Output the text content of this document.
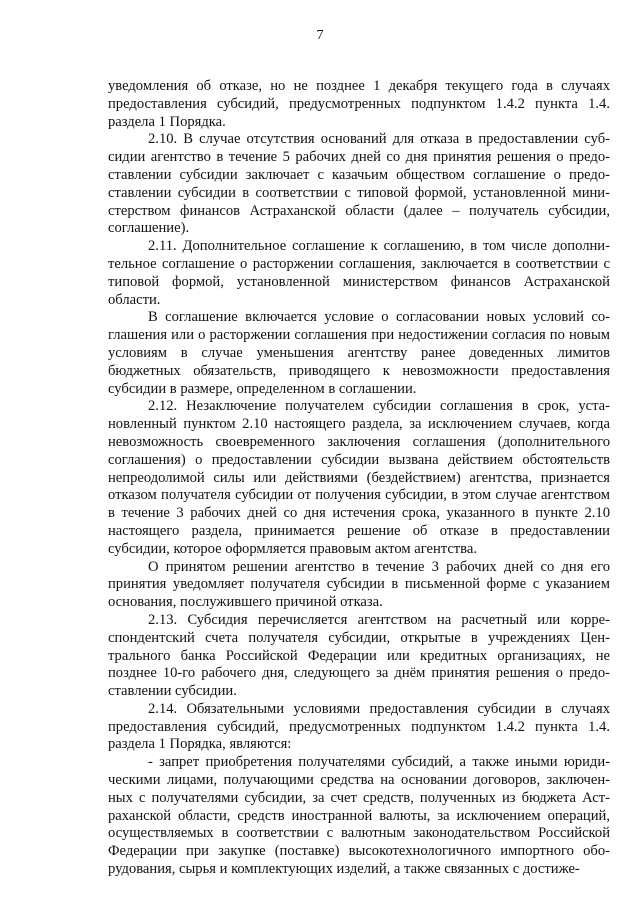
7

уведомления об отказе, но не позднее 1 декабря текущего года в случаях предоставления субсидий, предусмотренных подпунктом 1.4.2 пункта 1.4. раздела 1 Порядка.

2.10. В случае отсутствия оснований для отказа в предоставлении субсидии агентство в течение 5 рабочих дней со дня принятия решения о предоставлении субсидии заключает с казачьим обществом соглашение о предоставлении субсидии в соответствии с типовой формой, установленной министерством финансов Астраханской области (далее – получатель субсидии, соглашение).

2.11. Дополнительное соглашение к соглашению, в том числе дополнительное соглашение о расторжении соглашения, заключается в соответствии с типовой формой, установленной министерством финансов Астраханской области.

В соглашение включается условие о согласовании новых условий соглашения или о расторжении соглашения при недостижении согласия по новым условиям в случае уменьшения агентству ранее доведенных лимитов бюджетных обязательств, приводящего к невозможности предоставления субсидии в размере, определенном в соглашении.

2.12. Незаключение получателем субсидии соглашения в срок, установленный пунктом 2.10 настоящего раздела, за исключением случаев, когда невозможность своевременного заключения соглашения (дополнительного соглашения) о предоставлении субсидии вызвана действием обстоятельств непреодолимой силы или действиями (бездействием) агентства, признается отказом получателя субсидии от получения субсидии, в этом случае агентством в течение 3 рабочих дней со дня истечения срока, указанного в пункте 2.10 настоящего раздела, принимается решение об отказе в предоставлении субсидии, которое оформляется правовым актом агентства.

О принятом решении агентство в течение 3 рабочих дней со дня его принятия уведомляет получателя субсидии в письменной форме с указанием основания, послужившего причиной отказа.

2.13. Субсидия перечисляется агентством на расчетный или корреспондентский счета получателя субсидии, открытые в учреждениях Центрального банка Российской Федерации или кредитных организациях, не позднее 10-го рабочего дня, следующего за днём принятия решения о предоставлении субсидии.

2.14. Обязательными условиями предоставления субсидии в случаях предоставления субсидий, предусмотренных подпунктом 1.4.2 пункта 1.4. раздела 1 Порядка, являются:

- запрет приобретения получателями субсидий, а также иными юридическими лицами, получающими средства на основании договоров, заключенных с получателями субсидии, за счет средств, полученных из бюджета Астраханской области, средств иностранной валюты, за исключением операций, осуществляемых в соответствии с валютным законодательством Российской Федерации при закупке (поставке) высокотехнологичного импортного оборудования, сырья и комплектующих изделий, а также связанных с достиже-
